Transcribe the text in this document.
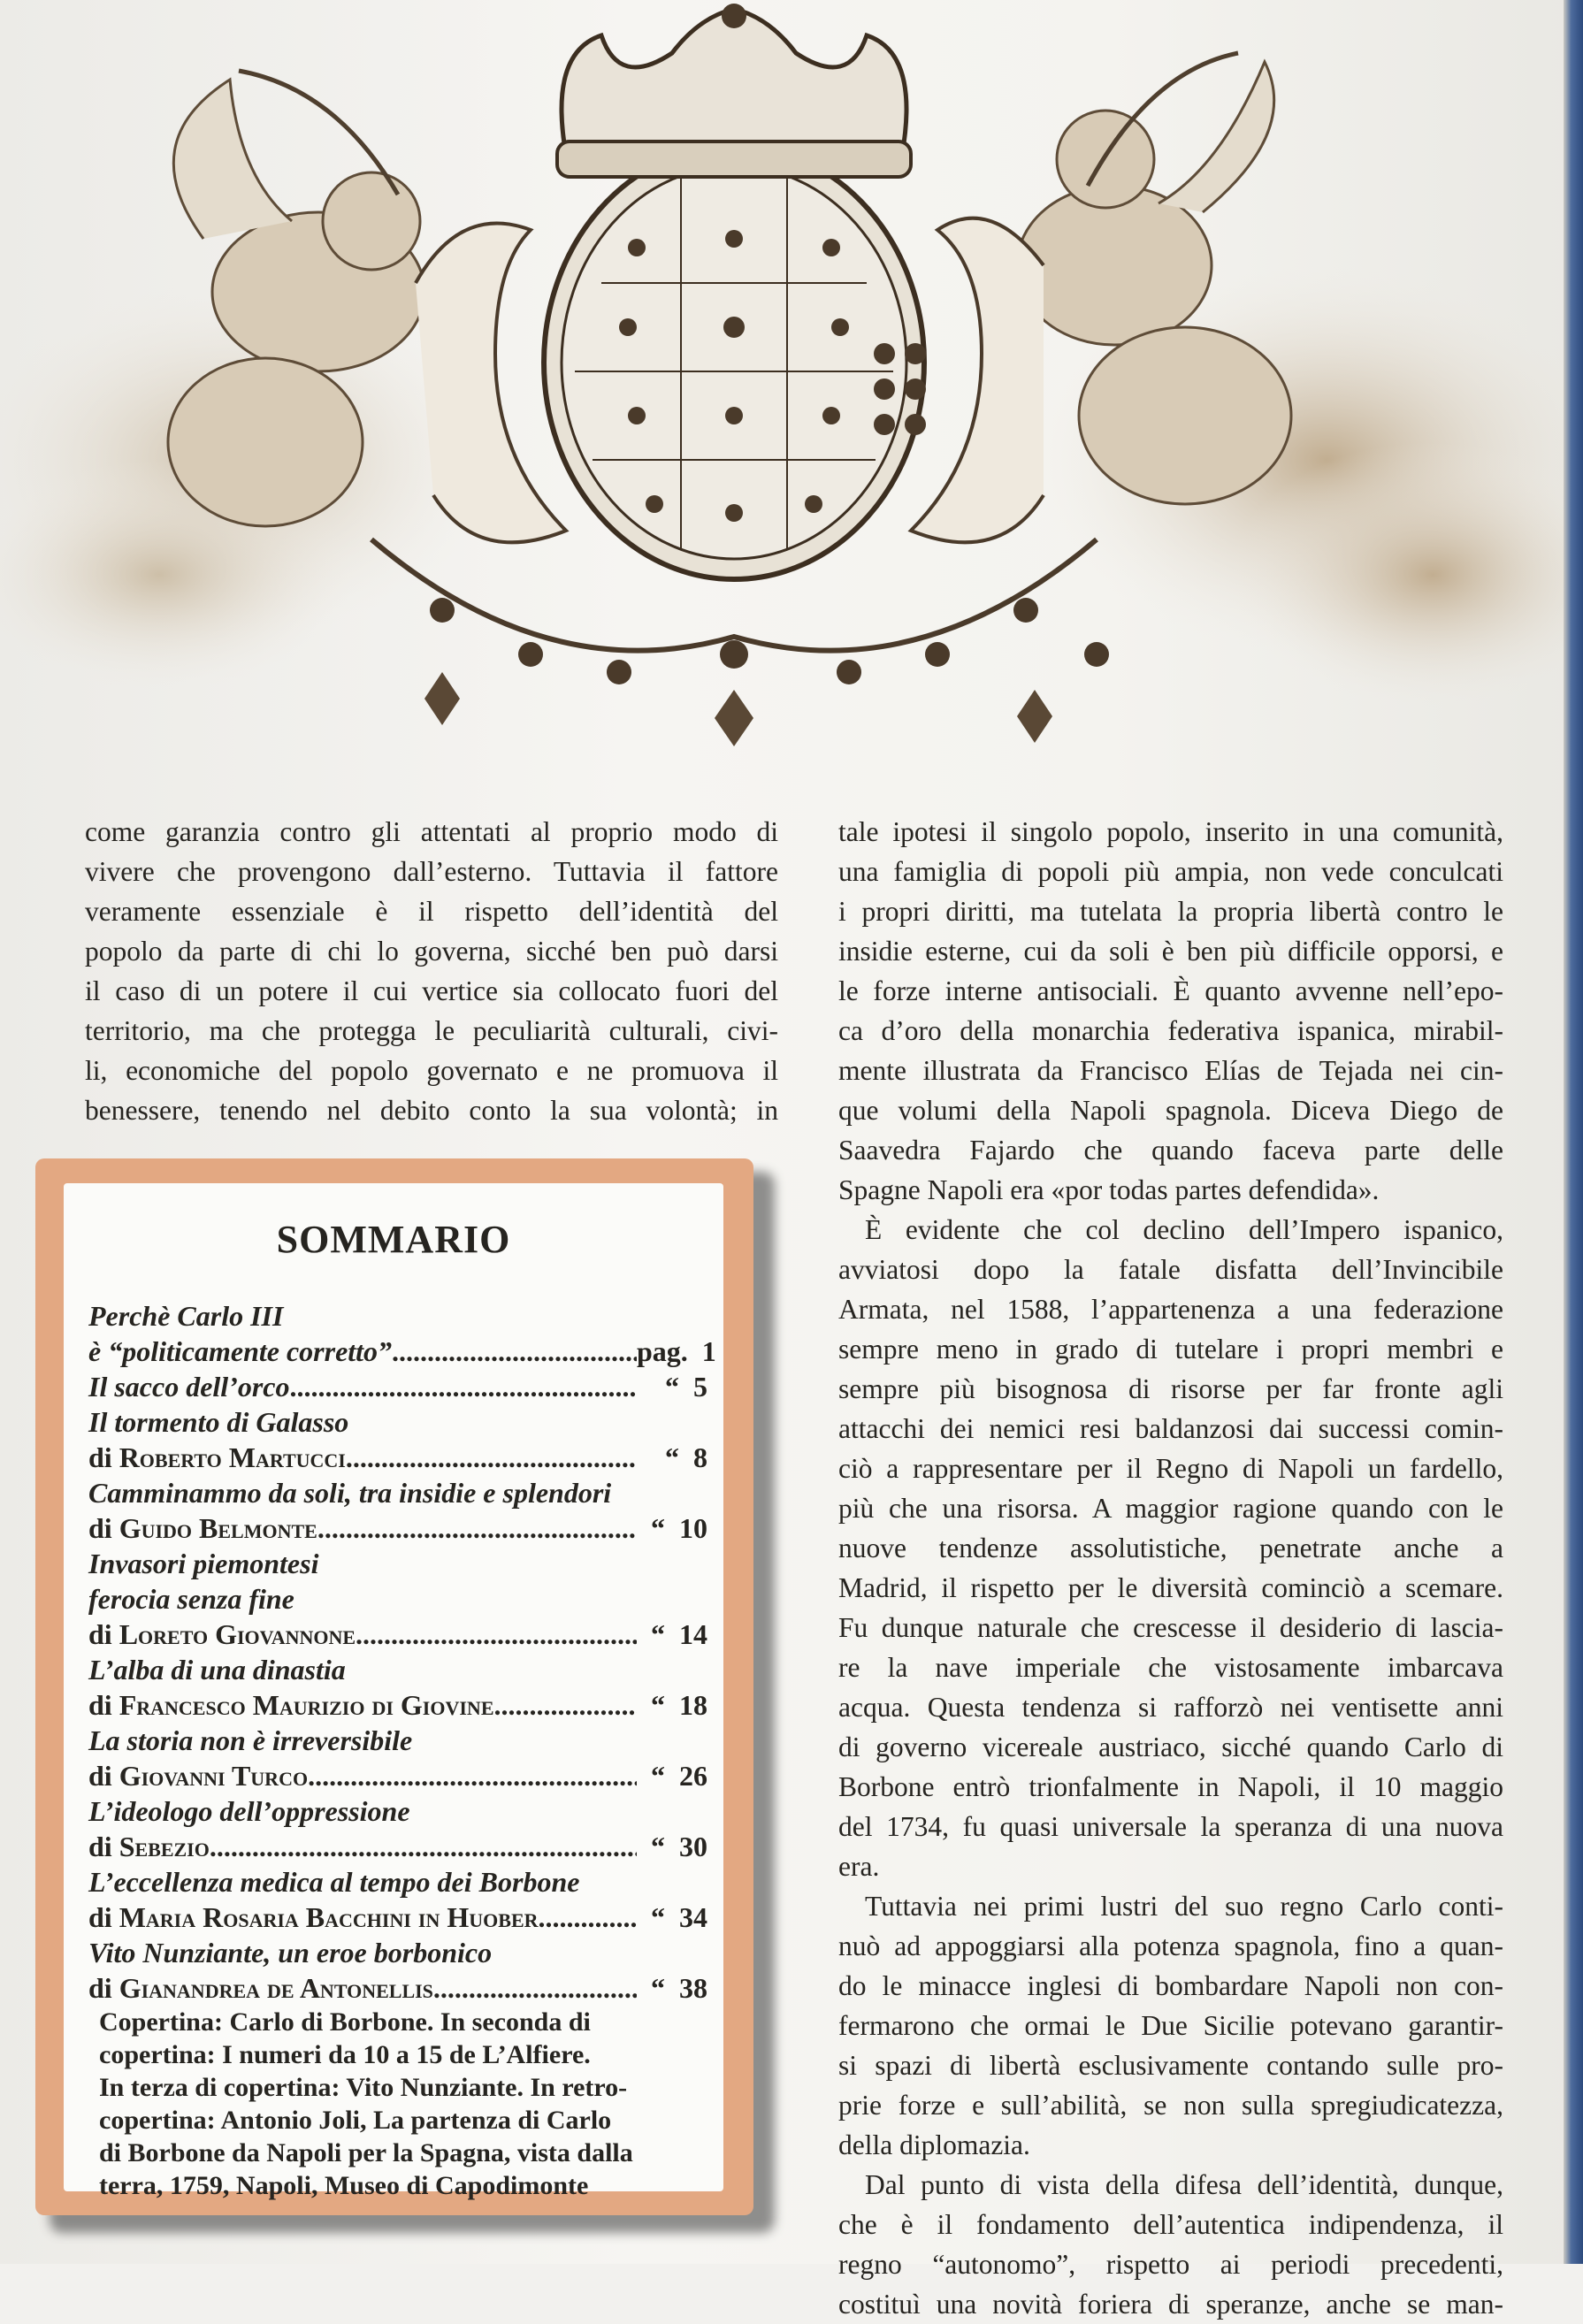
come garanzia contro gli attentati al proprio modo di
vivere che provengono dall’esterno. Tuttavia il fattore
veramente essenziale è il rispetto dell’identità del
popolo da parte di chi lo governa, sicché ben può darsi
il caso di un potere il cui vertice sia collocato fuori del
territorio, ma che protegga le peculiarità culturali, civi-
li, economiche del popolo governato e ne promuova il
benessere, tenendo nel debito conto la sua volontà; in
tale ipotesi il singolo popolo, inserito in una comunità,
una famiglia di popoli più ampia, non vede conculcati
i propri diritti, ma tutelata la propria libertà contro le
insidie esterne, cui da soli è ben più difficile opporsi, e
le forze interne antisociali. È quanto avvenne nell’epo-
ca d’oro della monarchia federativa ispanica, mirabil-
mente illustrata da Francisco Elías de Tejada nei cin-
que volumi della Napoli spagnola. Diceva Diego de
Saavedra Fajardo che quando faceva parte delle
Spagne Napoli era «por todas partes defendida».
È evidente che col declino dell’Impero ispanico,
avviatosi dopo la fatale disfatta dell’Invincibile
Armata, nel 1588, l’appartenenza a una federazione
sempre meno in grado di tutelare i propri membri e
sempre più bisognosa di risorse per far fronte agli
attacchi dei nemici resi baldanzosi dai successi comin-
ciò a rappresentare per il Regno di Napoli un fardello,
più che una risorsa. A maggior ragione quando con le
nuove tendenze assolutistiche, penetrate anche a
Madrid, il rispetto per le diversità cominciò a scemare.
Fu dunque naturale che crescesse il desiderio di lascia-
re la nave imperiale che vistosamente imbarcava
acqua. Questa tendenza si rafforzò nei ventisette anni
di governo vicereale austriaco, sicché quando Carlo di
Borbone entrò trionfalmente in Napoli, il 10 maggio
del 1734, fu quasi universale la speranza di una nuova
era.
Tuttavia nei primi lustri del suo regno Carlo conti-
nuò ad appoggiarsi alla potenza spagnola, fino a quan-
do le minacce inglesi di bombardare Napoli non con-
fermarono che ormai le Due Sicilie potevano garantir-
si spazi di libertà esclusivamente contando sulle pro-
prie forze e sull’abilità, se non sulla spregiudicatezza,
della diplomazia.
Dal punto di vista della difesa dell’identità, dunque,
che è il fondamento dell’autentica indipendenza, il
regno “autonomo”, rispetto ai periodi precedenti,
costituì una novità foriera di speranze, anche se man-
SOMMARIO
Perchè Carlo III
è “politicamente corretto” .....	pag.  1
Il sacco dell’orco .....	“  5
Il tormento di Galasso
di Roberto Martucci .....	“  8
Camminammo da soli, tra insidie e splendori
di Guido Belmonte .....	“  10
Invasori piemontesi
ferocia senza fine
di Loreto Giovannone .....	“  14
L’alba di una dinastia
di Francesco Maurizio di Giovine .....	“  18
La storia non è irreversibile
di Giovanni Turco .....	“  26
L’ideologo dell’oppressione
di Sebezio .....	“  30
L’eccellenza medica al tempo dei Borbone
di Maria Rosaria Bacchini in Huober .....	“  34
Vito Nunziante, un eroe borbonico
di Gianandrea de Antonellis .....	“  38
Copertina: Carlo di Borbone. In seconda di
copertina: I numeri da 10 a 15 de L’Alfiere.
In terza di copertina: Vito Nunziante. In retro-
copertina: Antonio Joli, La partenza di Carlo
di Borbone da Napoli per la Spagna, vista dalla
terra, 1759, Napoli, Museo di Capodimonte
